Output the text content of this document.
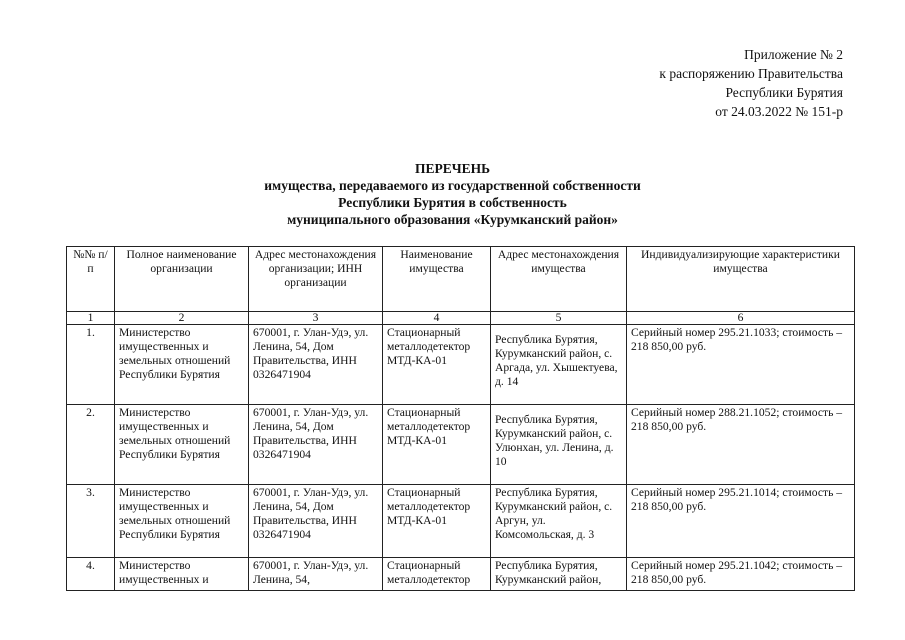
Приложение № 2
к распоряжению Правительства
Республики Бурятия
от 24.03.2022 № 151-р
ПЕРЕЧЕНЬ
имущества, передаваемого из государственной собственности
Республики Бурятия в собственность
муниципального образования «Курумканский район»
№№ п/п	Полное наименование организации	Адрес местонахождения организации; ИНН организации	Наименование имущества	Адрес местонахождения имущества	Индивидуализирующие характеристики имущества
1	2	3	4	5	6
1.	Министерство имущественных и земельных отношений Республики Бурятия	670001, г. Улан-Удэ, ул. Ленина, 54, Дом Правительства, ИНН 0326471904	Стационарный металлодетектор МТД-КА-01	Республика Бурятия, Курумканский район, с. Аргада, ул. Хышектуева, д. 14	Серийный номер 295.21.1033; стоимость – 218 850,00 руб.
2.	Министерство имущественных и земельных отношений Республики Бурятия	670001, г. Улан-Удэ, ул. Ленина, 54, Дом Правительства, ИНН 0326471904	Стационарный металлодетектор МТД-КА-01	Республика Бурятия, Курумканский район, с. Улюнхан, ул. Ленина, д. 10	Серийный номер 288.21.1052; стоимость – 218 850,00 руб.
3.	Министерство имущественных и земельных отношений Республики Бурятия	670001, г. Улан-Удэ, ул. Ленина, 54, Дом Правительства, ИНН 0326471904	Стационарный металлодетектор МТД-КА-01	Республика Бурятия, Курумканский район, с. Аргун, ул. Комсомольская, д. 3	Серийный номер 295.21.1014; стоимость – 218 850,00 руб.
4.	Министерство имущественных и	670001, г. Улан-Удэ, ул. Ленина, 54,	Стационарный металлодетектор	Республика Бурятия, Курумканский район,	Серийный номер 295.21.1042; стоимость – 218 850,00 руб.
